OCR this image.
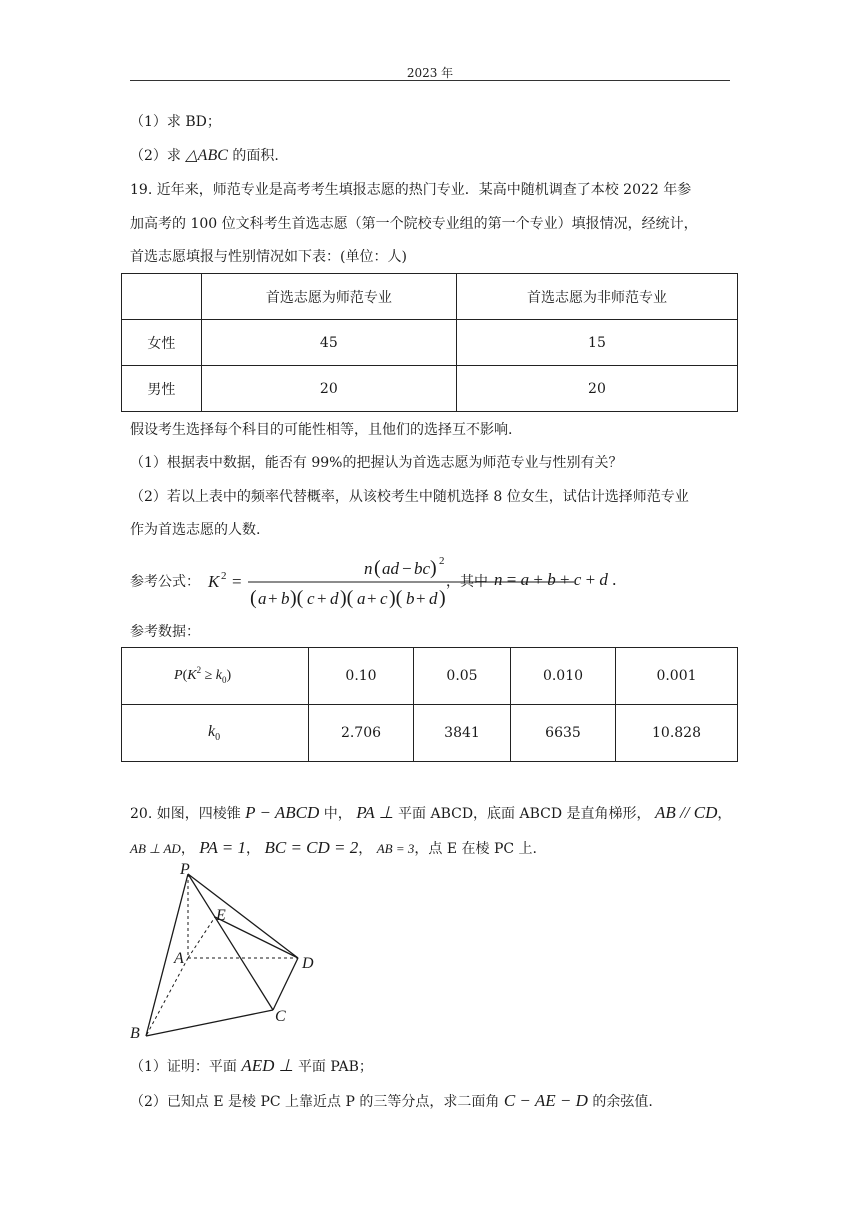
2023 年
（1）求 BD；
（2）求 △ABC 的面积.
19. 近年来，师范专业是高考考生填报志愿的热门专业．某高中随机调查了本校 2022 年参
加高考的 100 位文科考生首选志愿（第一个院校专业组的第一个专业）填报情况，经统计，
首选志愿填报与性别情况如下表：(单位：人)
	首选志愿为师范专业	首选志愿为非师范专业
女性	45	15
男性	20	20
假设考生选择每个科目的可能性相等，且他们的选择互不影响.
（1）根据表中数据，能否有 99%的把握认为首选志愿为师范专业与性别有关？
（2）若以上表中的频率代替概率，从该校考生中随机选择 8 位女生，试估计选择师范专业
作为首选志愿的人数.
参考公式： K 2 =
n ( ad − bc ) 2
( a + b )( c + d )( a + c )( b + d )
，其中 n = a + b + c + d .
参考数据：
$P(K^2 \ge k_0)$	0.10	0.05	0.010	0.001

$k_0$	2.706	3841	6635	10.828
20. 如图，四棱锥 P − ABCD 中， PA ⊥ 平面 ABCD，底面 ABCD 是直角梯形， AB // CD，
AB ⊥ AD， PA = 1， BC = CD = 2， AB = 3，点 E 在棱 PC 上.
P
E
A	D
B
C
（1）证明：平面 AED ⊥ 平面 PAB；
（2）已知点 E 是棱 PC 上靠近点 P 的三等分点，求二面角 C − AE − D 的余弦值.
